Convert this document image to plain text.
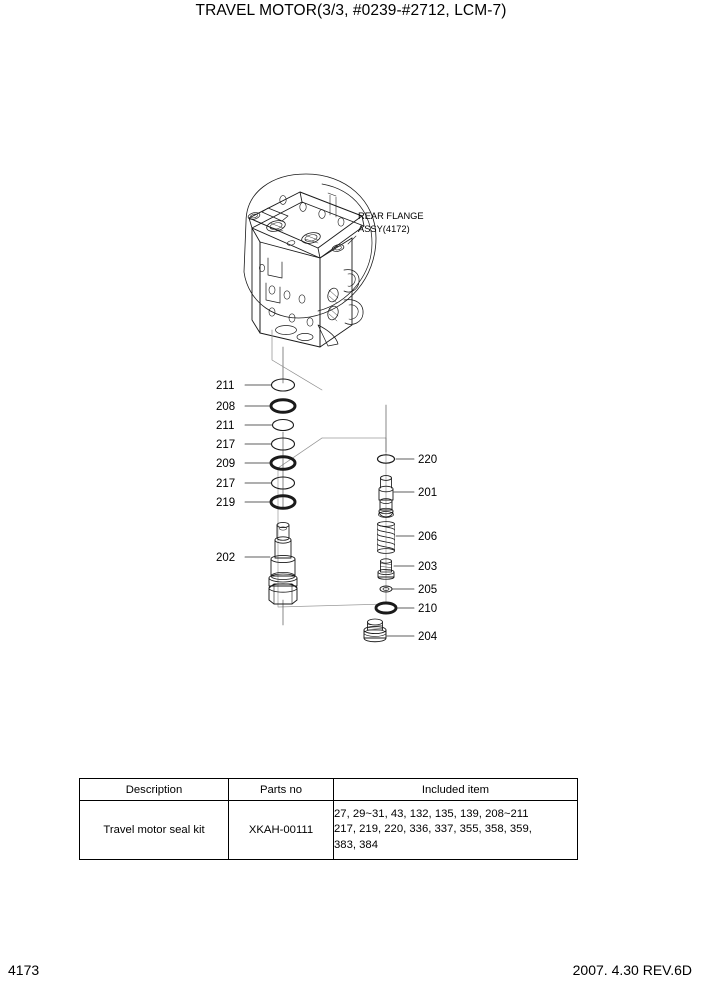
TRAVEL MOTOR(3/3, #0239-#2712, LCM-7)
REAR FLANGE
ASSY(4172)
211
208
211
217
209
217
219
202
220
201
206
203
205
210
204
Description	Parts no	Included item
Travel motor seal kit	XKAH-00111	27, 29~31, 43, 132, 135, 139, 208~211
217, 219, 220, 336, 337, 355, 358, 359,
383, 384
4173	2007. 4.30 REV.6D
